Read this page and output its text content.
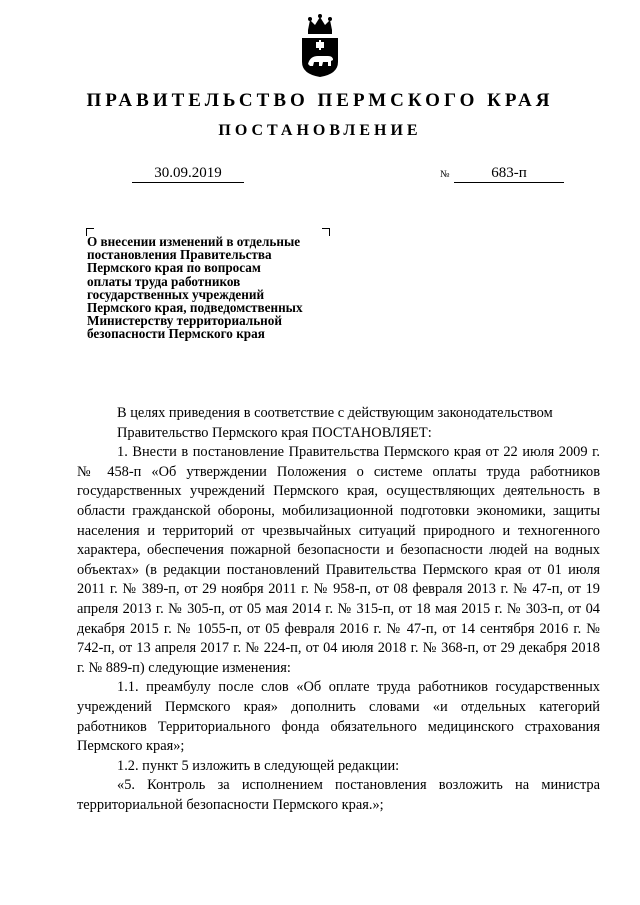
ПРАВИТЕЛЬСТВО ПЕРМСКОГО КРАЯ
ПОСТАНОВЛЕНИЕ
30.09.2019	№	683-п
О внесении изменений в отдельные
постановления Правительства
Пермского края по вопросам
оплаты труда работников
государственных учреждений
Пермского края, подведомственных
Министерству территориальной
безопасности Пермского края

В целях приведения в соответствие с действующим законодательством

Правительство Пермского края ПОСТАНОВЛЯЕТ:

1. Внести в постановление Правительства Пермского края от 22 июля 2009 г. № 458-п «Об утверждении Положения о системе оплаты труда работников государственных учреждений Пермского края, осуществляющих деятельность в области гражданской обороны, мобилизационной подготовки экономики, защиты населения и территорий от чрезвычайных ситуаций природного и техногенного характера, обеспечения пожарной безопасности и безопасности людей на водных объектах» (в редакции постановлений Правительства Пермского края от 01 июля 2011 г. № 389-п, от 29 ноября 2011 г. № 958-п, от 08 февраля 2013 г. № 47-п, от 19 апреля 2013 г. № 305-п, от 05 мая 2014 г. № 315-п, от 18 мая 2015 г. № 303-п, от 04 декабря 2015 г. № 1055-п, от 05 февраля 2016 г. № 47-п, от 14 сентября 2016 г. № 742-п, от 13 апреля 2017 г. № 224-п, от 04 июля 2018 г. № 368-п, от 29 декабря 2018 г. № 889-п) следующие изменения:

1.1. преамбулу после слов «Об оплате труда работников государственных учреждений Пермского края» дополнить словами «и отдельных категорий работников Территориального фонда обязательного медицинского страхования Пермского края»;

1.2. пункт 5 изложить в следующей редакции:

«5. Контроль за исполнением постановления возложить на министра территориальной безопасности Пермского края.»;
